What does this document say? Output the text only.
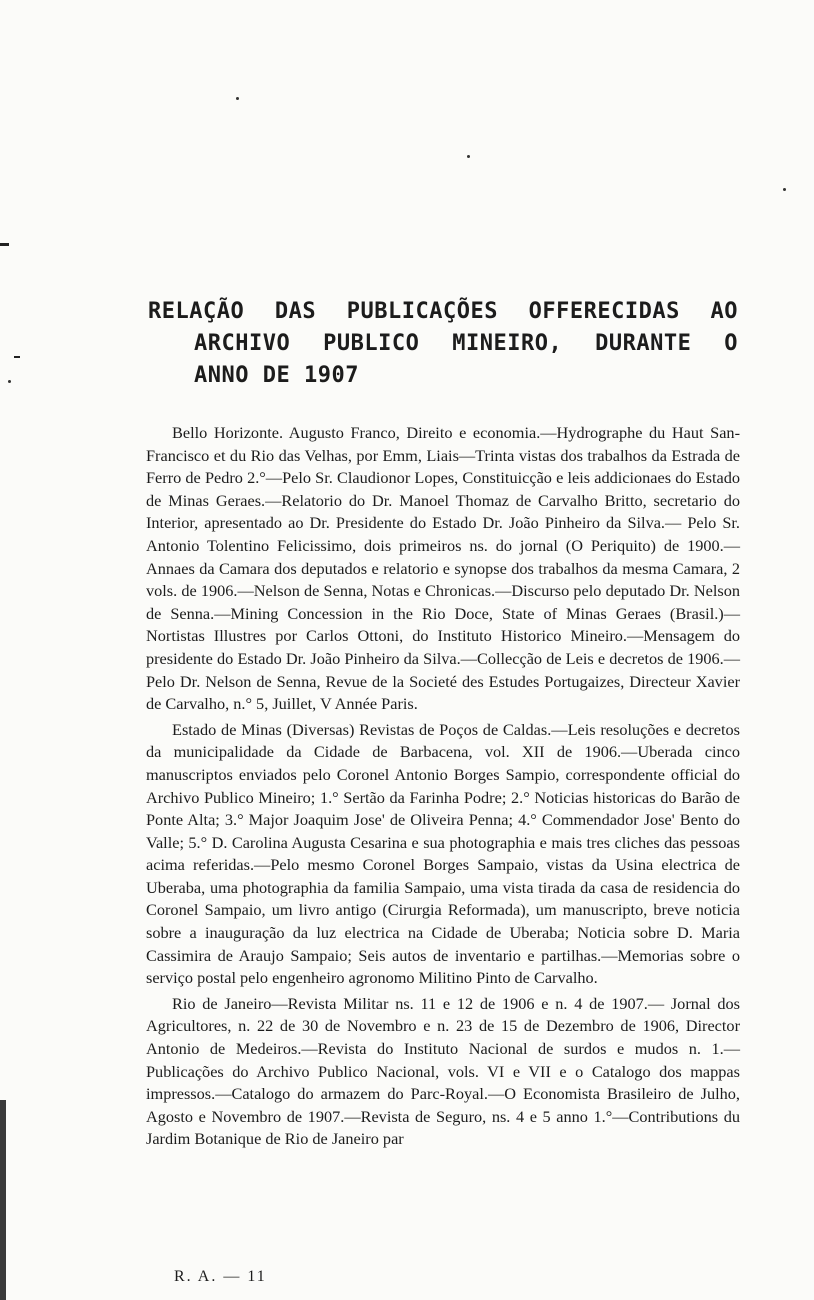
RELAÇÃO DAS PUBLICAÇÕES OFFERECIDAS AO
ARCHIVO PUBLICO MINEIRO, DURANTE O
ANNO DE 1907

Bello Horizonte. Augusto Franco, Direito e economia.—Hydrographe du Haut San-Francisco et du Rio das Velhas, por Emm, Liais—Trinta vistas dos trabalhos da Estrada de Ferro de Pedro 2.°—Pelo Sr. Claudionor Lopes, Constituicção e leis addicionaes do Estado de Minas Geraes.—Relatorio do Dr. Manoel Thomaz de Carvalho Britto, secretario do Interior, apresentado ao Dr. Presidente do Estado Dr. João Pinheiro da Silva.— Pelo Sr. Antonio Tolentino Felicissimo, dois primeiros ns. do jornal (O Periquito) de 1900.—Annaes da Camara dos deputados e relatorio e synopse dos trabalhos da mesma Camara, 2 vols. de 1906.—Nelson de Senna, Notas e Chronicas.—Discurso pelo deputado Dr. Nelson de Senna.—Mining Concession in the Rio Doce, State of Minas Geraes (Brasil.)—Nortistas Illustres por Carlos Ottoni, do Instituto Historico Mineiro.—Mensagem do presidente do Estado Dr. João Pinheiro da Silva.—Collecção de Leis e decretos de 1906.—Pelo Dr. Nelson de Senna, Revue de la Societé des Estudes Portugaizes, Directeur Xavier de Carvalho, n.° 5, Juillet, V Année Paris.

Estado de Minas (Diversas) Revistas de Poços de Caldas.—Leis resoluções e decretos da municipalidade da Cidade de Barbacena, vol. XII de 1906.—Uberada cinco manuscriptos enviados pelo Coronel Antonio Borges Sampio, correspondente official do Archivo Publico Mineiro; 1.° Sertão da Farinha Podre; 2.° Noticias historicas do Barão de Ponte Alta; 3.° Major Joaquim Jose' de Oliveira Penna; 4.° Commendador Jose' Bento do Valle; 5.° D. Carolina Augusta Cesarina e sua photographia e mais tres cliches das pessoas acima referidas.—Pelo mesmo Coronel Borges Sampaio, vistas da Usina electrica de Uberaba, uma photographia da familia Sampaio, uma vista tirada da casa de residencia do Coronel Sampaio, um livro antigo (Cirurgia Reformada), um manuscripto, breve noticia sobre a inauguração da luz electrica na Cidade de Uberaba; Noticia sobre D. Maria Cassimira de Araujo Sampaio; Seis autos de inventario e partilhas.—Memorias sobre o serviço postal pelo engenheiro agronomo Militino Pinto de Carvalho.

Rio de Janeiro—Revista Militar ns. 11 e 12 de 1906 e n. 4 de 1907.— Jornal dos Agricultores, n. 22 de 30 de Novembro e n. 23 de 15 de Dezembro de 1906, Director Antonio de Medeiros.—Revista do Instituto Nacional de surdos e mudos n. 1.—Publicações do Archivo Publico Nacional, vols. VI e VII e o Catalogo dos mappas impressos.—Catalogo do armazem do Parc-Royal.—O Economista Brasileiro de Julho, Agosto e Novembro de 1907.—Revista de Seguro, ns. 4 e 5 anno 1.°—Contributions du Jardim Botanique de Rio de Janeiro par

R. A. — 11
